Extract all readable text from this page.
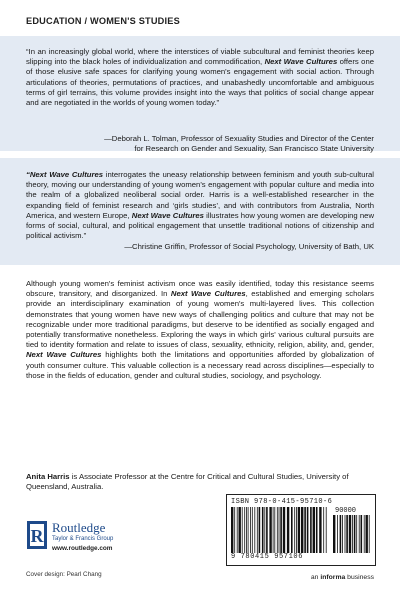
EDUCATION / WOMEN'S STUDIES
“In an increasingly global world, where the interstices of viable subcultural and feminist theories keep slipping into the black holes of individualization and commodification, Next Wave Cultures offers one of those elusive safe spaces for clarifying young women's engagement with social action. Through articulations of theories, permutations of practices, and unabashedly uncomfortable and ambiguous terms of girl terrains, this volume provides insight into the ways that politics of social change appear and are negotiated in the worlds of young women today.”
—Deborah L. Tolman, Professor of Sexuality Studies and Director of the Center
for Research on Gender and Sexuality, San Francisco State University
“Next Wave Cultures interrogates the uneasy relationship between feminism and youth sub-cultural theory, moving our understanding of young women's engagement with popular culture and media into the realm of a globalized neoliberal social order. Harris is a well-established researcher in the expanding field of feminist research and ‘girls studies’, and with contributors from Australia, North America, and western Europe, Next Wave Cultures illustrates how young women are developing new forms of social, cultural, and political engagement that unsettle traditional notions of citizenship and political activism.”
—Christine Griffin, Professor of Social Psychology, University of Bath, UK
Although young women's feminist activism once was easily identified, today this resistance seems obscure, transitory, and disorganized. In Next Wave Cultures, established and emerging scholars provide an interdisciplinary examination of young women's multi-layered lives. This collection demonstrates that young women have new ways of challenging politics and culture that may not be recognizable under more traditional paradigms, but deserve to be identified as socially engaged and potentially transformative nonetheless. Exploring the ways in which girls' various cultural pursuits are tied to identity formation and relate to issues of class, sexuality, ethnicity, religion, ability, and, gender, Next Wave Cultures highlights both the limitations and opportunities afforded by globalization of youth consumer culture. This valuable collection is a necessary read across disciplines—especially to those in the fields of education, gender and cultural studies, sociology, and psychology.
Anita Harris is Associate Professor at the Centre for Critical and Cultural Studies, University of Queensland, Australia.
R Routledge
Taylor & Francis Group
www.routledge.com
Cover design: Pearl Chang
ISBN 978-0-415-95710-6
90000
9 780415 957106
an informa business
